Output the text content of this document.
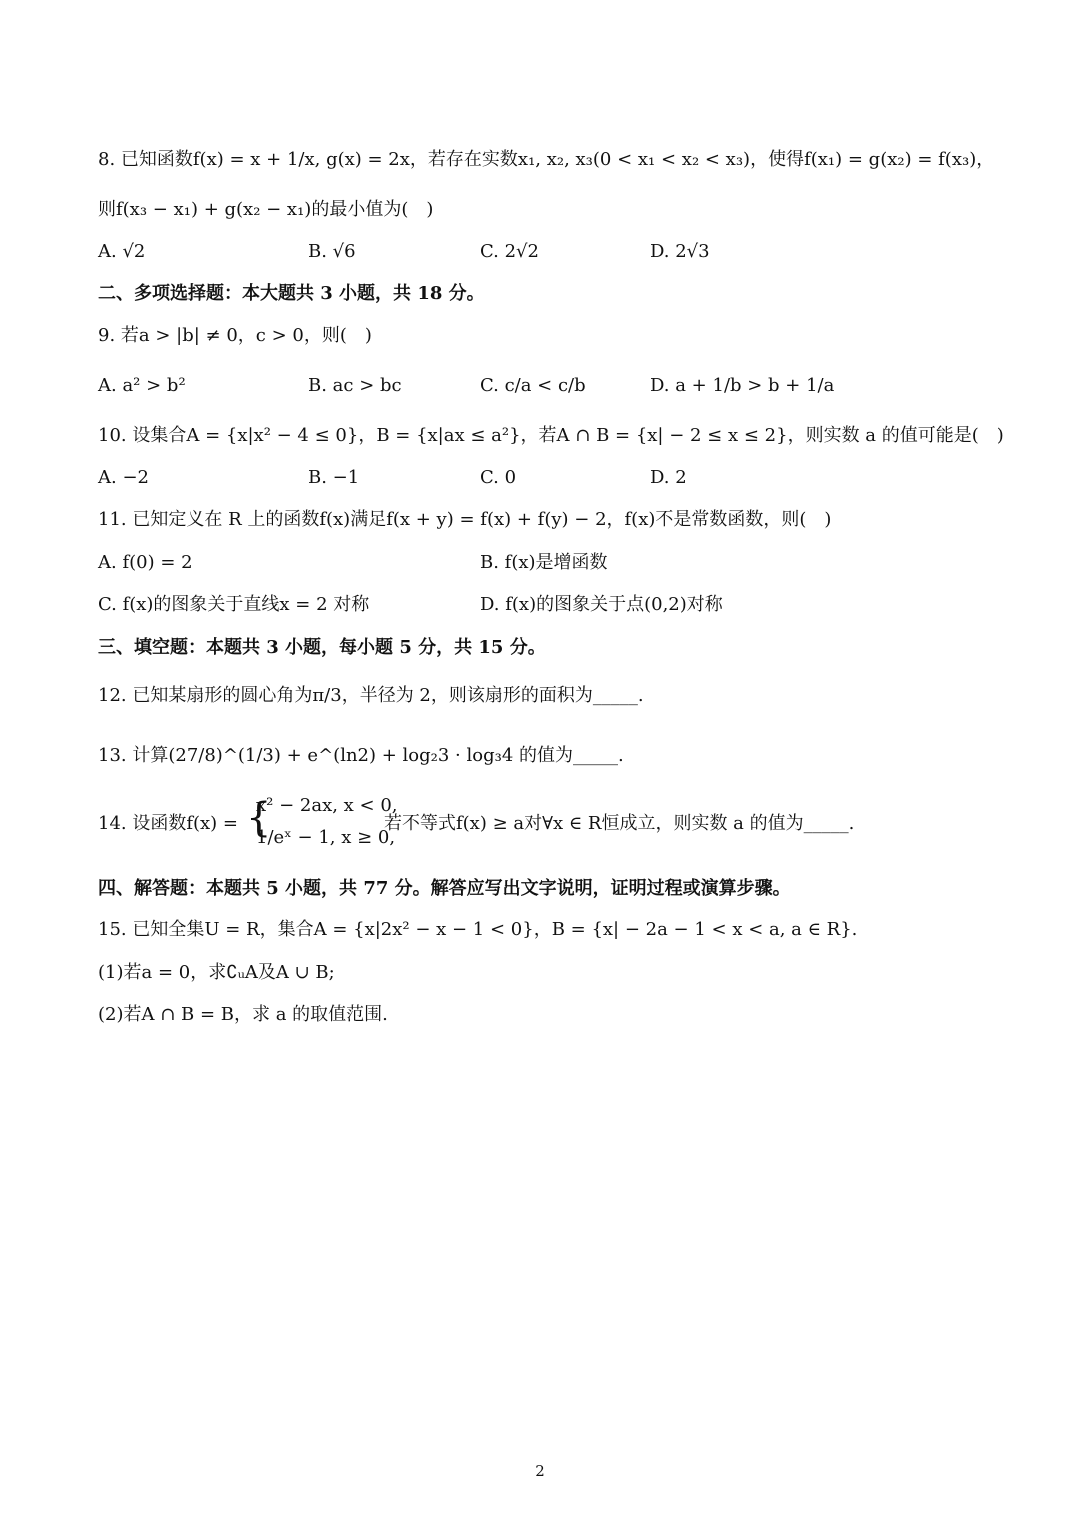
8. 已知函数f(x) = x + 1/x, g(x) = 2x，若存在实数x₁, x₂, x₃(0 < x₁ < x₂ < x₃)，使得f(x₁) = g(x₂) = f(x₃)，
则f(x₃ − x₁) + g(x₂ − x₁)的最小值为(　)
A. √2	B. √6	C. 2√2	D. 2√3
二、多项选择题：本大题共 3 小题，共 18 分。
9. 若a > |b| ≠ 0，c > 0，则(　)
A. a² > b²	B. ac > bc	C. c/a < c/b	D. a + 1/b > b + 1/a
10. 设集合A = {x|x² − 4 ≤ 0}，B = {x|ax ≤ a²}，若A ∩ B = {x| − 2 ≤ x ≤ 2}，则实数 a 的值可能是(　)
A. −2	B. −1	C. 0	D. 2
11. 已知定义在 R 上的函数f(x)满足f(x + y) = f(x) + f(y) − 2，f(x)不是常数函数，则(　)
A. f(0) = 2	B. f(x)是增函数
C. f(x)的图象关于直线x = 2 对称	D. f(x)的图象关于点(0,2)对称
三、填空题：本题共 3 小题，每小题 5 分，共 15 分。
12. 已知某扇形的圆心角为π/3，半径为 2，则该扇形的面积为_____.
13. 计算(27/8)^(1/3) + e^(ln2) + log₂3 · log₃4 的值为_____.
14. 设函数f(x) = {
x² − 2ax, x < 0,
1/eˣ − 1, x ≥ 0,
若不等式f(x) ≥ a对∀x ∈ R恒成立，则实数 a 的值为_____.
四、解答题：本题共 5 小题，共 77 分。解答应写出文字说明，证明过程或演算步骤。
15. 已知全集U = R，集合A = {x|2x² − x − 1 < 0}，B = {x| − 2a − 1 < x < a, a ∈ R}.
(1)若a = 0，求∁ᵤA及A ∪ B;
(2)若A ∩ B = B，求 a 的取值范围.
2
